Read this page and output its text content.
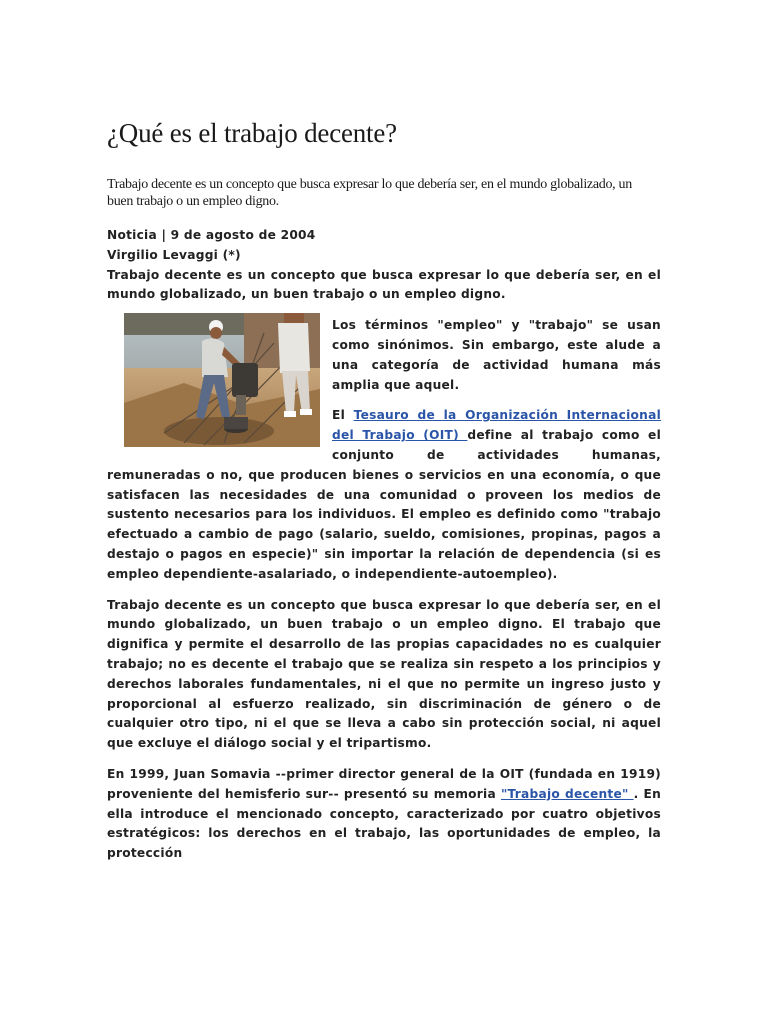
¿Qué es el trabajo decente?

Trabajo decente es un concepto que busca expresar lo que debería ser, en el mundo globalizado, un buen trabajo o un empleo digno.

Noticia | 9 de agosto de 2004

Virgilio Levaggi (*)

Trabajo decente es un concepto que busca expresar lo que debería ser, en el mundo globalizado, un buen trabajo o un empleo digno.

Los términos "empleo" y "trabajo" se usan como sinónimos. Sin embargo, este alude a una categoría de actividad humana más amplia que aquel.

El Tesauro de la Organización Internacional del Trabajo (OIT) define al trabajo como el conjunto de actividades humanas, remuneradas o no, que producen bienes o servicios en una economía, o que satisfacen las necesidades de una comunidad o proveen los medios de sustento necesarios para los individuos. El empleo es definido como "trabajo efectuado a cambio de pago (salario, sueldo, comisiones, propinas, pagos a destajo o pagos en especie)" sin importar la relación de dependencia (si es empleo dependiente-asalariado, o independiente-autoempleo).

Trabajo decente es un concepto que busca expresar lo que debería ser, en el mundo globalizado, un buen trabajo o un empleo digno. El trabajo que dignifica y permite el desarrollo de las propias capacidades no es cualquier trabajo; no es decente el trabajo que se realiza sin respeto a los principios y derechos laborales fundamentales, ni el que no permite un ingreso justo y proporcional al esfuerzo realizado, sin discriminación de género o de cualquier otro tipo, ni el que se lleva a cabo sin protección social, ni aquel que excluye el diálogo social y el tripartismo.

En 1999, Juan Somavia --primer director general de la OIT (fundada en 1919) proveniente del hemisferio sur-- presentó su memoria "Trabajo decente" . En ella introduce el mencionado concepto, caracterizado por cuatro objetivos estratégicos: los derechos en el trabajo, las oportunidades de empleo, la protección
